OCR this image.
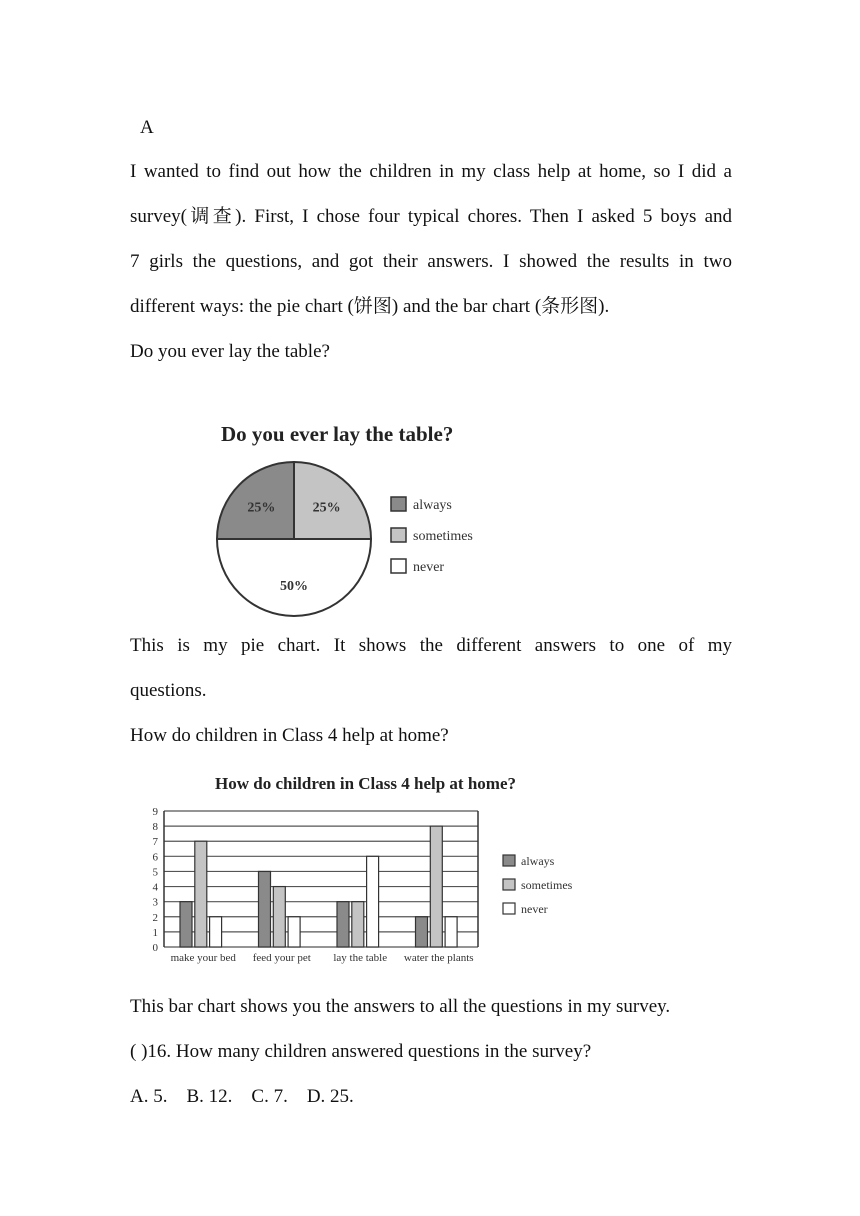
A
I wanted to find out how the children in my class help at home, so I did a
survey(调查). First, I chose four typical chores. Then I asked 5 boys and
7 girls the questions, and got their answers. I showed the results in two
different ways: the pie chart (饼图) and the bar chart (条形图).
Do you ever lay the table?
Do you ever lay the table?
25%	25%
50%
always
sometimes
never
This is my pie chart. It shows the different answers to one of my
questions.
How do children in Class 4 help at home?
How do children in Class 4 help at home?
0
1
2
3
4
5
6
7
8
9
make your bed feed your pet lay the table water the plants
always
sometimes
never
This bar chart shows you the answers to all the questions in my survey.
( )16. How many children answered questions in the survey?
A. 5.    B. 12.    C. 7.    D. 25.
